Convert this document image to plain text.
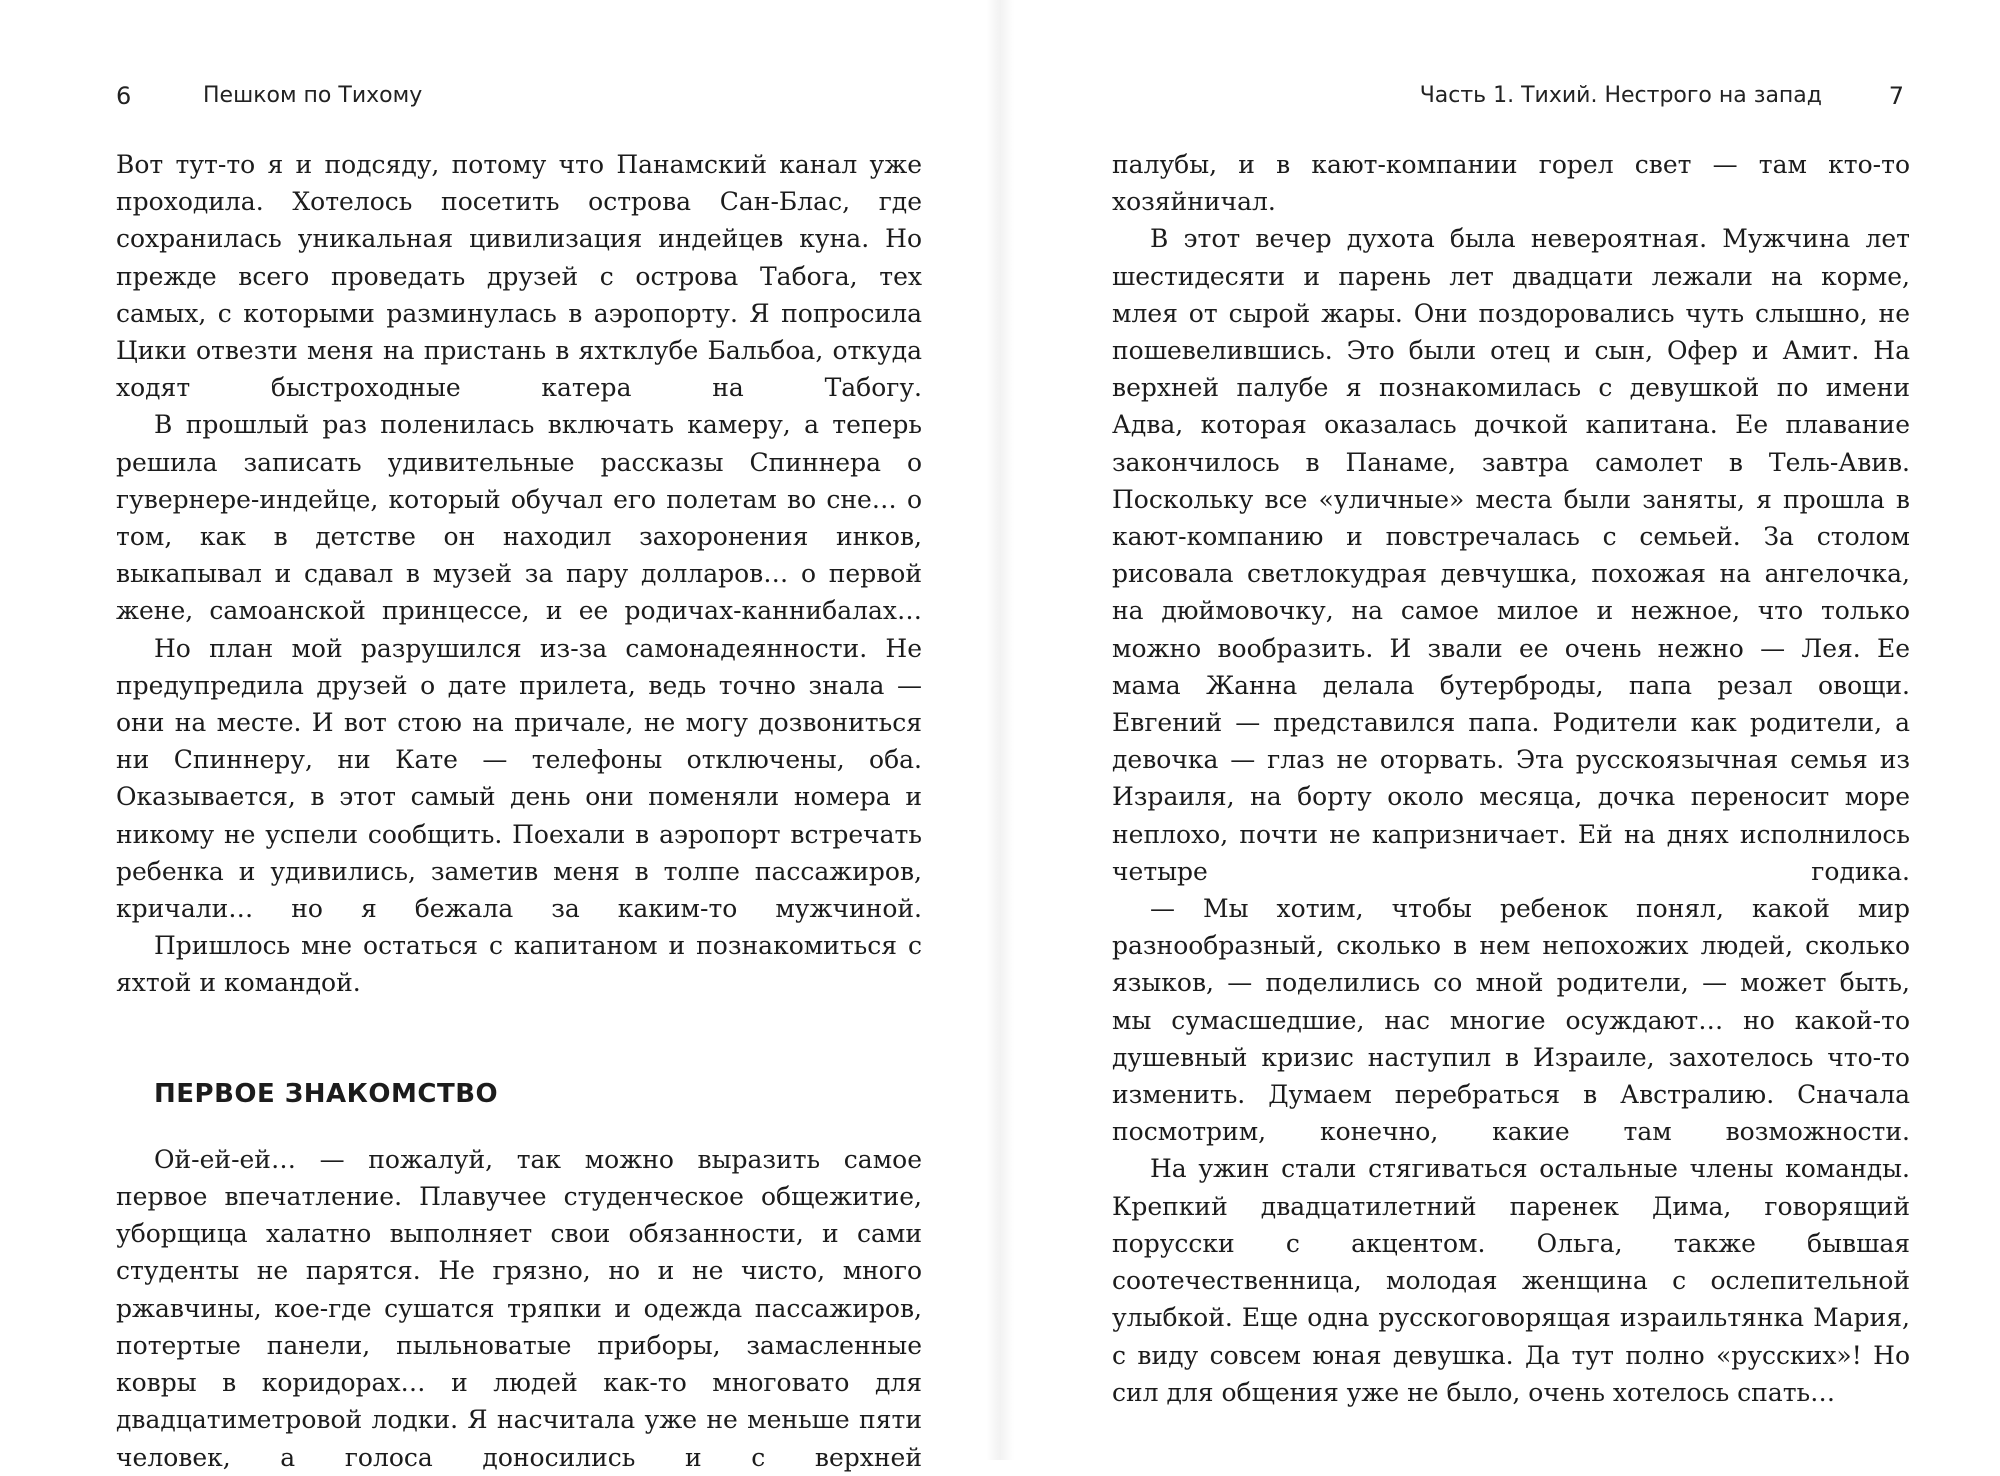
6	Пешком по Тихому

Вот тут-то я и подсяду, потому что Панамский канал уже проходила. Хотелось посетить острова Сан-Блас, где сохранилась уникальная цивилизация индейцев куна. Но прежде всего проведать друзей с острова Табога, тех самых, с которыми разминулась в аэропорту. Я попросила Цики отвезти меня на пристань в яхтклубе Бальбоа, откуда ходят быстроходные катера на Табогу.

В прошлый раз поленилась включать камеру, а теперь решила записать удивительные рассказы Спиннера о гувернере-индейце, который обучал его полетам во сне… о том, как в детстве он находил захоронения инков, выкапывал и сдавал в музей за пару долларов… о первой жене, самоанской принцессе, и ее родичах-каннибалах…

Но план мой разрушился из-за самонадеянности. Не предупредила друзей о дате прилета, ведь точно знала — они на месте. И вот стою на причале, не могу дозвониться ни Спиннеру, ни Кате — телефоны отключены, оба. Оказывается, в этот самый день они поменяли номера и никому не успели сообщить. Поехали в аэропорт встречать ребенка и удивились, заметив меня в толпе пассажиров, кричали… но я бежала за каким-то мужчиной.

Пришлось мне остаться с капитаном и познакомиться с яхтой и командой.

ПЕРВОЕ ЗНАКОМСТВО

Ой-ей-ей… — пожалуй, так можно выразить самое первое впечатление. Плавучее студенческое общежитие, уборщица халатно выполняет свои обязанности, и сами студенты не парятся. Не грязно, но и не чисто, много ржавчины, кое-где сушатся тряпки и одежда пассажиров, потертые панели, пыльноватые приборы, замасленные ковры в коридорах… и людей как-то многовато для двадцатиметровой лодки. Я насчитала уже не меньше пяти человек, а голоса доносились и с верхней

Часть 1. Тихий. Нестрого на запад	7

палубы, и в кают-компании горел свет — там кто-то хозяйничал.

В этот вечер духота была невероятная. Мужчина лет шестидесяти и парень лет двадцати лежали на корме, млея от сырой жары. Они поздоровались чуть слышно, не пошевелившись. Это были отец и сын, Офер и Амит. На верхней палубе я познакомилась с девушкой по имени Адва, которая оказалась дочкой капитана. Ее плавание закончилось в Панаме, завтра самолет в Тель-Авив. Поскольку все «уличные» места были заняты, я прошла в кают-компанию и повстречалась с семьей. За столом рисовала светлокудрая девчушка, похожая на ангелочка, на дюймовочку, на самое милое и нежное, что только можно вообразить. И звали ее очень нежно — Лея. Ее мама Жанна делала бутерброды, папа резал овощи. Евгений — представился папа. Родители как родители, а девочка — глаз не оторвать. Эта русскоязычная семья из Израиля, на борту около месяца, дочка переносит море неплохо, почти не капризничает. Ей на днях исполнилось четыре годика.

— Мы хотим, чтобы ребенок понял, какой мир разнообразный, сколько в нем непохожих людей, сколько языков, — поделились со мной родители, — может быть, мы сумасшедшие, нас многие осуждают… но какой-то душевный кризис наступил в Израиле, захотелось что-то изменить. Думаем перебраться в Австралию. Сначала посмотрим, конечно, какие там возможности.

На ужин стали стягиваться остальные члены команды. Крепкий двадцатилетний паренек Дима, говорящий порусски с акцентом. Ольга, также бывшая соотечественница, молодая женщина с ослепительной улыбкой. Еще одна русскоговорящая израильтянка Мария, с виду совсем юная девушка. Да тут полно «русских»! Но сил для общения уже не было, очень хотелось спать…
